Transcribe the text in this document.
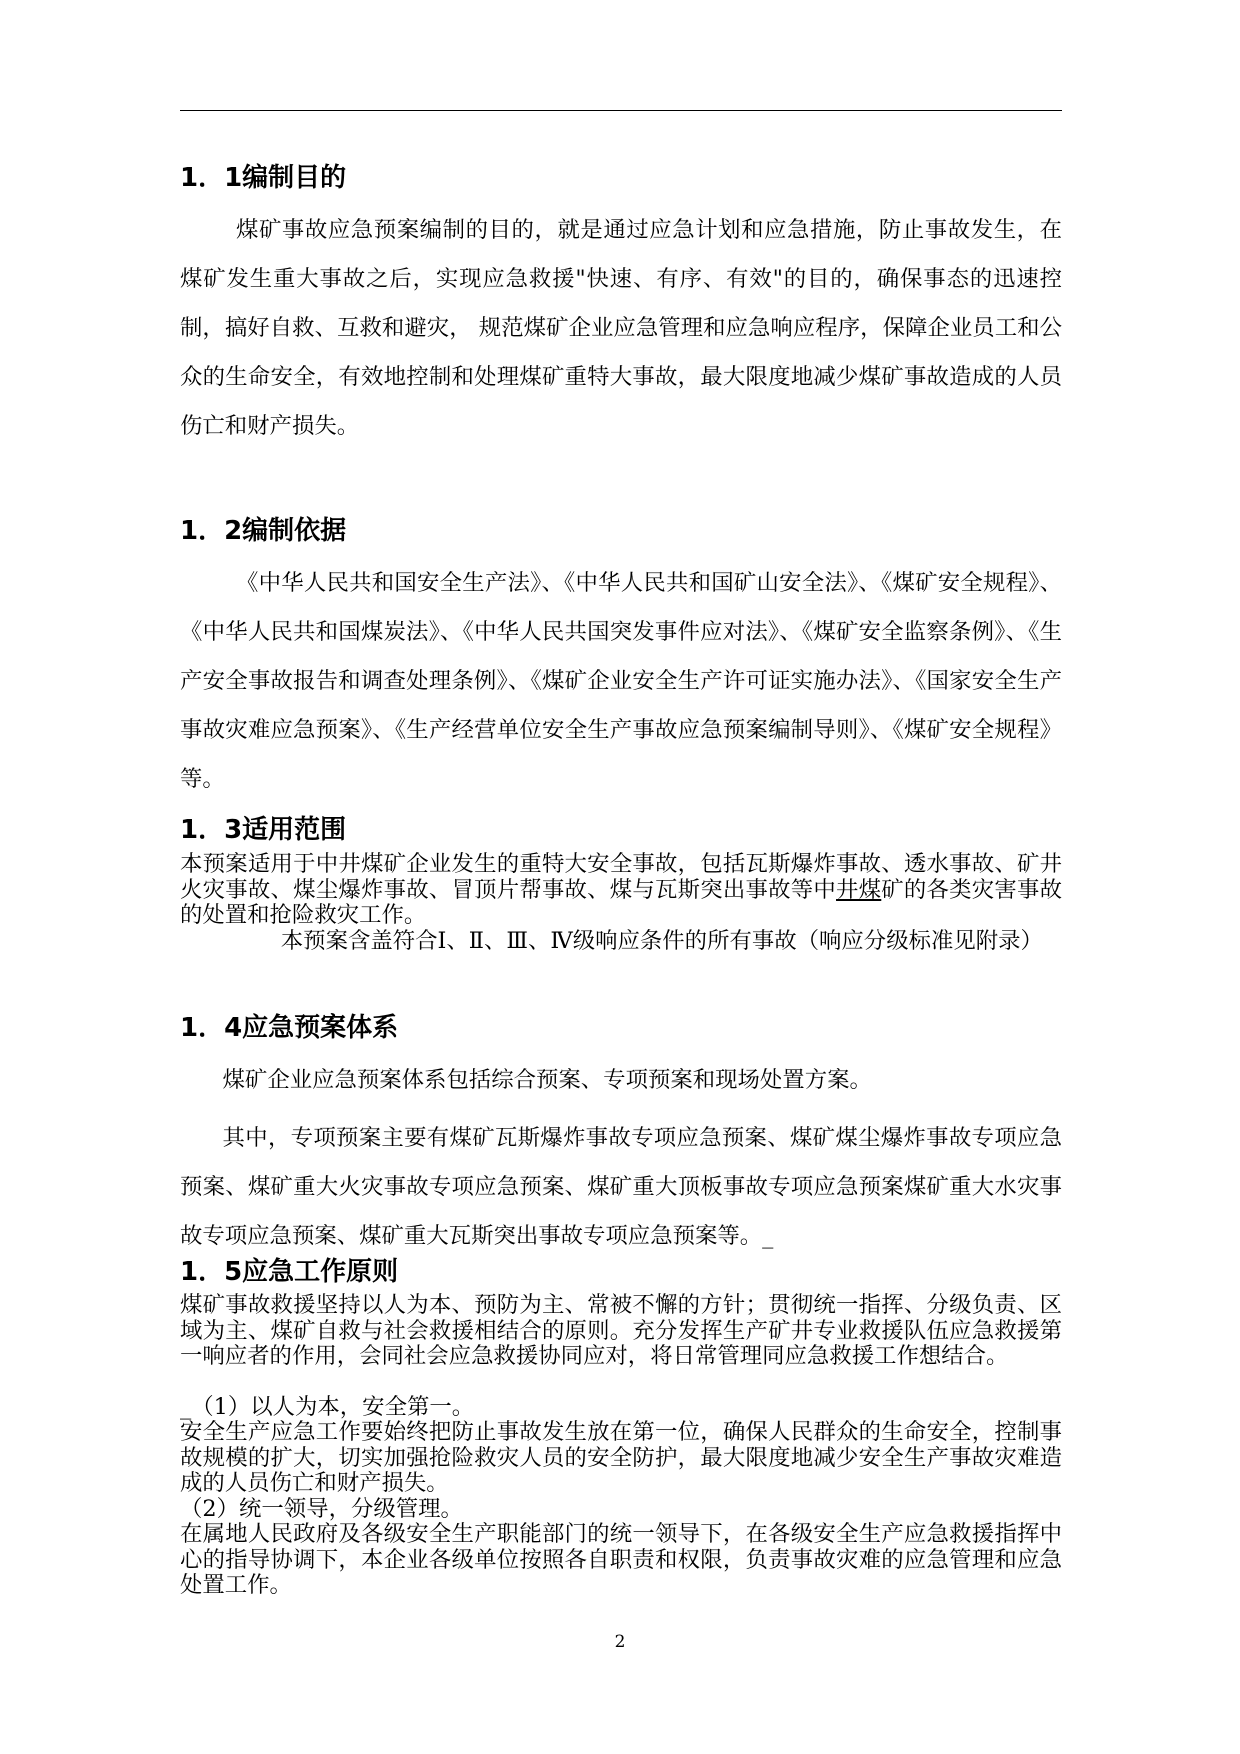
1．1编制目的

煤矿事故应急预案编制的目的，就是通过应急计划和应急措施，防止事故发生，在煤矿发生重大事故之后，实现应急救援"快速、有序、有效"的目的，确保事态的迅速控制，搞好自救、互救和避灾， 规范煤矿企业应急管理和应急响应程序，保障企业员工和公众的生命安全，有效地控制和处理煤矿重特大事故，最大限度地减少煤矿事故造成的人员伤亡和财产损失。

1．2编制依据

《中华人民共和国安全生产法》、《中华人民共和国矿山安全法》、《煤矿安全规程》、《中华人民共和国煤炭法》、《中华人民共国突发事件应对法》、《煤矿安全监察条例》、《生产安全事故报告和调查处理条例》、《煤矿企业安全生产许可证实施办法》、《国家安全生产事故灾难应急预案》、《生产经营单位安全生产事故应急预案编制导则》、《煤矿安全规程》等。

1．3适用范围

本预案适用于中井煤矿企业发生的重特大安全事故，包括瓦斯爆炸事故、透水事故、矿井火灾事故、煤尘爆炸事故、冒顶片帮事故、煤与瓦斯突出事故等中井煤矿的各类灾害事故的处置和抢险救灾工作。

本预案含盖符合Ⅰ、Ⅱ、Ⅲ、Ⅳ级响应条件的所有事故（响应分级标准见附录）

1．4应急预案体系

煤矿企业应急预案体系包括综合预案、专项预案和现场处置方案。

其中，专项预案主要有煤矿瓦斯爆炸事故专项应急预案、煤矿煤尘爆炸事故专项应急预案、煤矿重大火灾事故专项应急预案、煤矿重大顶板事故专项应急预案煤矿重大水灾事故专项应急预案、煤矿重大瓦斯突出事故专项应急预案等。_

1．5应急工作原则

煤矿事故救援坚持以人为本、预防为主、常被不懈的方针；贯彻统一指挥、分级负责、区域为主、煤矿自救与社会救援相结合的原则。充分发挥生产矿井专业救援队伍应急救援第一响应者的作用，会同社会应急救援协同应对，将日常管理同应急救援工作想结合。

_（1）以人为本，安全第一。

安全生产应急工作要始终把防止事故发生放在第一位，确保人民群众的生命安全，控制事故规模的扩大，切实加强抢险救灾人员的安全防护，最大限度地减少安全生产事故灾难造成的人员伤亡和财产损失。

（2）统一领导，分级管理。

在属地人民政府及各级安全生产职能部门的统一领导下，在各级安全生产应急救援指挥中心的指导协调下，本企业各级单位按照各自职责和权限，负责事故灾难的应急管理和应急处置工作。

2
